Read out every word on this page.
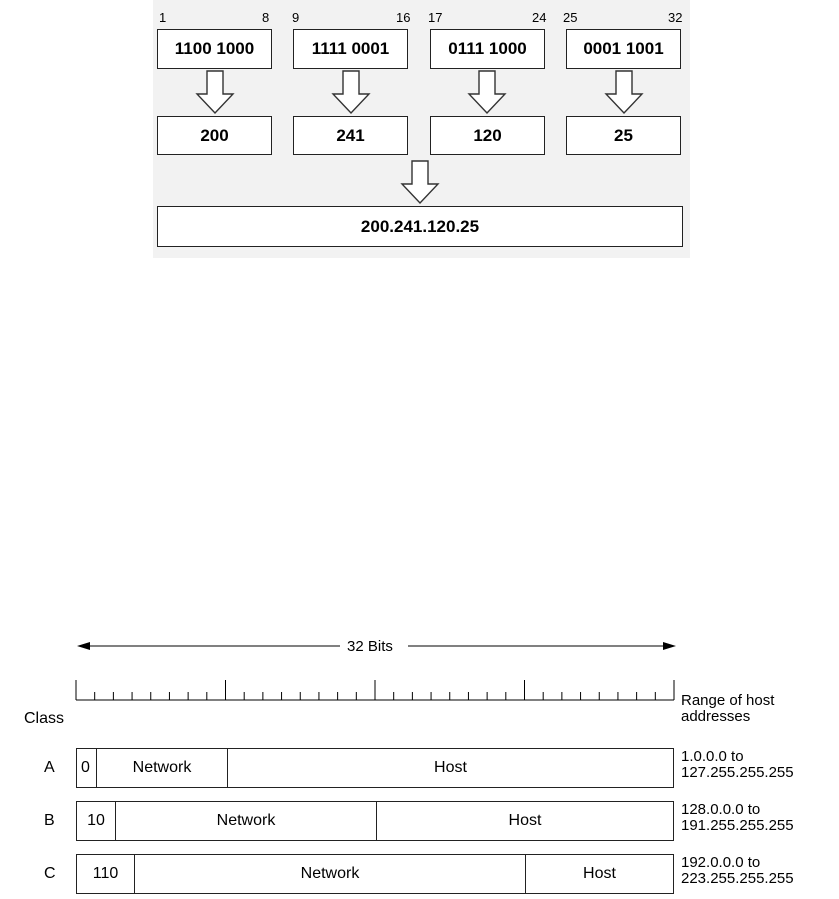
1	8 9	16 17	24 25	32
1100 1000	1111 0001	0111 1000	0001 1001
200	241	120	25
200.241.120.25
32 Bits
Class
Range of host
addresses
A 0	Network	Host
1.0.0.0 to
127.255.255.255
B	10	Network	Host
128.0.0.0 to
191.255.255.255
C	110	Network	Host
192.0.0.0 to
223.255.255.255
